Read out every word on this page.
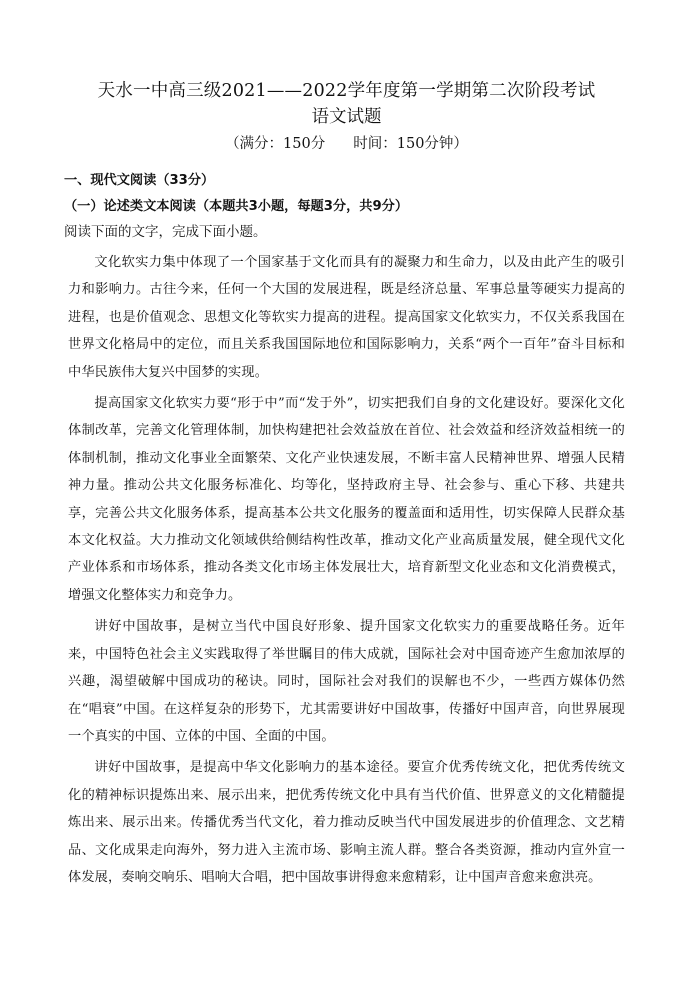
天水一中高三级2021——2022学年度第一学期第二次阶段考试
语文试题
（满分：150分 时间：150分钟）
一、现代文阅读（33分）
（一）论述类文本阅读（本题共3小题，每题3分，共9分）
阅读下面的文字，完成下面小题。

文化软实力集中体现了一个国家基于文化而具有的凝聚力和生命力，以及由此产生的吸引力和影响力。古往今来，任何一个大国的发展进程，既是经济总量、军事总量等硬实力提高的进程，也是价值观念、思想文化等软实力提高的进程。提高国家文化软实力，不仅关系我国在世界文化格局中的定位，而且关系我国国际地位和国际影响力，关系“两个一百年”奋斗目标和中华民族伟大复兴中国梦的实现。

提高国家文化软实力要“形于中”而“发于外”，切实把我们自身的文化建设好。要深化文化体制改革，完善文化管理体制，加快构建把社会效益放在首位、社会效益和经济效益相统一的体制机制，推动文化事业全面繁荣、文化产业快速发展，不断丰富人民精神世界、增强人民精神力量。推动公共文化服务标准化、均等化，坚持政府主导、社会参与、重心下移、共建共享，完善公共文化服务体系，提高基本公共文化服务的覆盖面和适用性，切实保障人民群众基本文化权益。大力推动文化领域供给侧结构性改革，推动文化产业高质量发展，健全现代文化产业体系和市场体系，推动各类文化市场主体发展壮大，培育新型文化业态和文化消费模式，增强文化整体实力和竞争力。

讲好中国故事，是树立当代中国良好形象、提升国家文化软实力的重要战略任务。近年来，中国特色社会主义实践取得了举世瞩目的伟大成就，国际社会对中国奇迹产生愈加浓厚的兴趣，渴望破解中国成功的秘诀。同时，国际社会对我们的误解也不少，一些西方媒体仍然在“唱衰”中国。在这样复杂的形势下，尤其需要讲好中国故事，传播好中国声音，向世界展现一个真实的中国、立体的中国、全面的中国。

讲好中国故事，是提高中华文化影响力的基本途径。要宣介优秀传统文化，把优秀传统文化的精神标识提炼出来、展示出来，把优秀传统文化中具有当代价值、世界意义的文化精髓提炼出来、展示出来。传播优秀当代文化，着力推动反映当代中国发展进步的价值理念、文艺精品、文化成果走向海外，努力进入主流市场、影响主流人群。整合各类资源，推动内宣外宣一体发展，奏响交响乐、唱响大合唱，把中国故事讲得愈来愈精彩，让中国声音愈来愈洪亮。
